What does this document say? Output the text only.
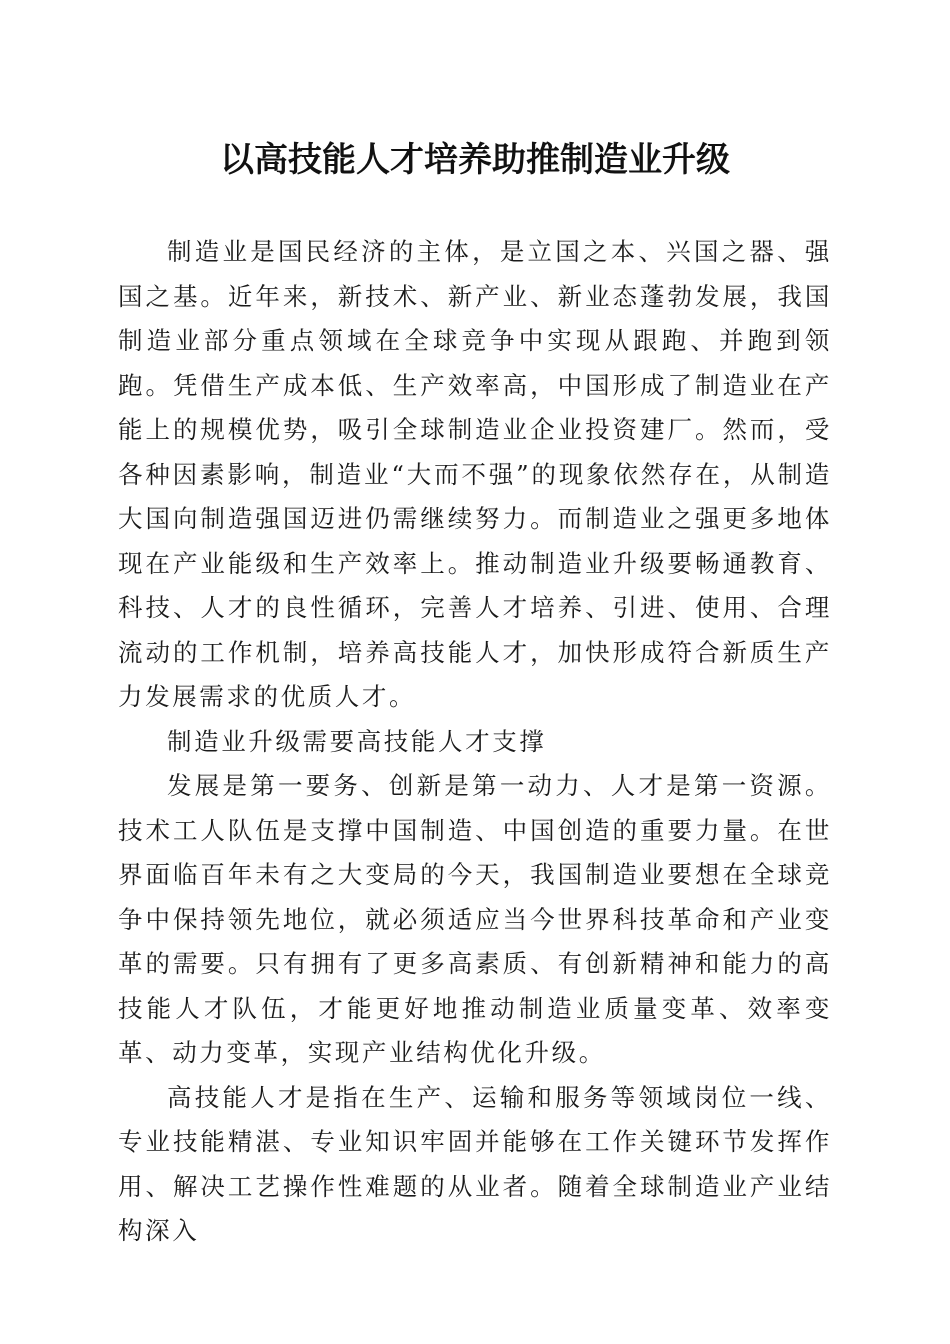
以高技能人才培养助推制造业升级

制造业是国民经济的主体，是立国之本、兴国之器、强国之基。近年来，新技术、新产业、新业态蓬勃发展，我国制造业部分重点领域在全球竞争中实现从跟跑、并跑到领跑。凭借生产成本低、生产效率高，中国形成了制造业在产能上的规模优势，吸引全球制造业企业投资建厂。然而，受各种因素影响，制造业“大而不强”的现象依然存在，从制造大国向制造强国迈进仍需继续努力。而制造业之强更多地体现在产业能级和生产效率上。推动制造业升级要畅通教育、科技、人才的良性循环，完善人才培养、引进、使用、合理流动的工作机制，培养高技能人才，加快形成符合新质生产力发展需求的优质人才。

制造业升级需要高技能人才支撑

发展是第一要务、创新是第一动力、人才是第一资源。技术工人队伍是支撑中国制造、中国创造的重要力量。在世界面临百年未有之大变局的今天，我国制造业要想在全球竞争中保持领先地位，就必须适应当今世界科技革命和产业变革的需要。只有拥有了更多高素质、有创新精神和能力的高技能人才队伍，才能更好地推动制造业质量变革、效率变革、动力变革，实现产业结构优化升级。

高技能人才是指在生产、运输和服务等领域岗位一线、专业技能精湛、专业知识牢固并能够在工作关键环节发挥作用、解决工艺操作性难题的从业者。随着全球制造业产业结构深入
